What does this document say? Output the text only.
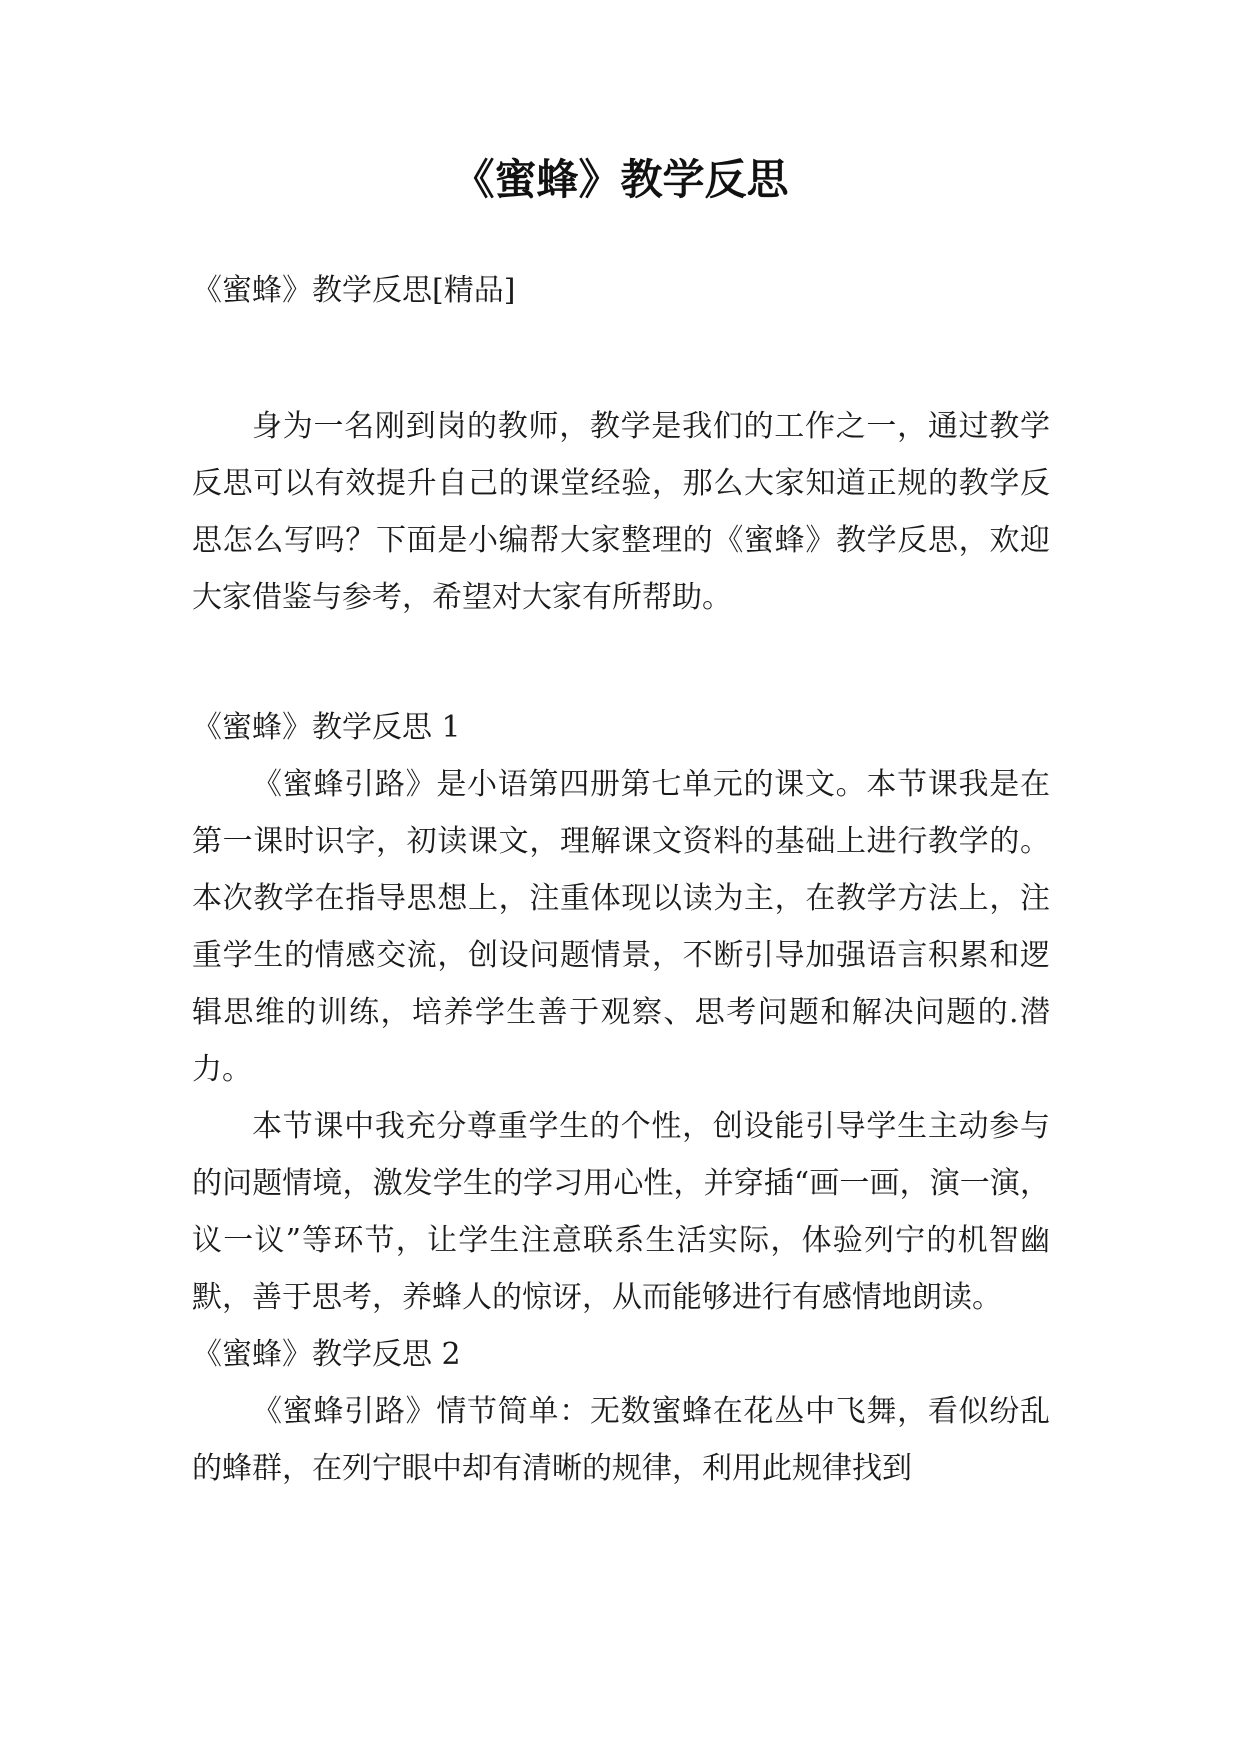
《蜜蜂》教学反思

《蜜蜂》教学反思[精品]

身为一名刚到岗的教师，教学是我们的工作之一，通过教学反思可以有效提升自己的课堂经验，那么大家知道正规的教学反思怎么写吗？下面是小编帮大家整理的《蜜蜂》教学反思，欢迎大家借鉴与参考，希望对大家有所帮助。

《蜜蜂》教学反思 1

《蜜蜂引路》是小语第四册第七单元的课文。本节课我是在第一课时识字，初读课文，理解课文资料的基础上进行教学的。本次教学在指导思想上，注重体现以读为主，在教学方法上，注重学生的情感交流，创设问题情景，不断引导加强语言积累和逻辑思维的训练，培养学生善于观察、思考问题和解决问题的.潜力。

本节课中我充分尊重学生的个性，创设能引导学生主动参与的问题情境，激发学生的学习用心性，并穿插“画一画，演一演，议一议”等环节，让学生注意联系生活实际，体验列宁的机智幽默，善于思考，养蜂人的惊讶，从而能够进行有感情地朗读。

《蜜蜂》教学反思 2

《蜜蜂引路》情节简单：无数蜜蜂在花丛中飞舞，看似纷乱的蜂群，在列宁眼中却有清晰的规律，利用此规律找到
